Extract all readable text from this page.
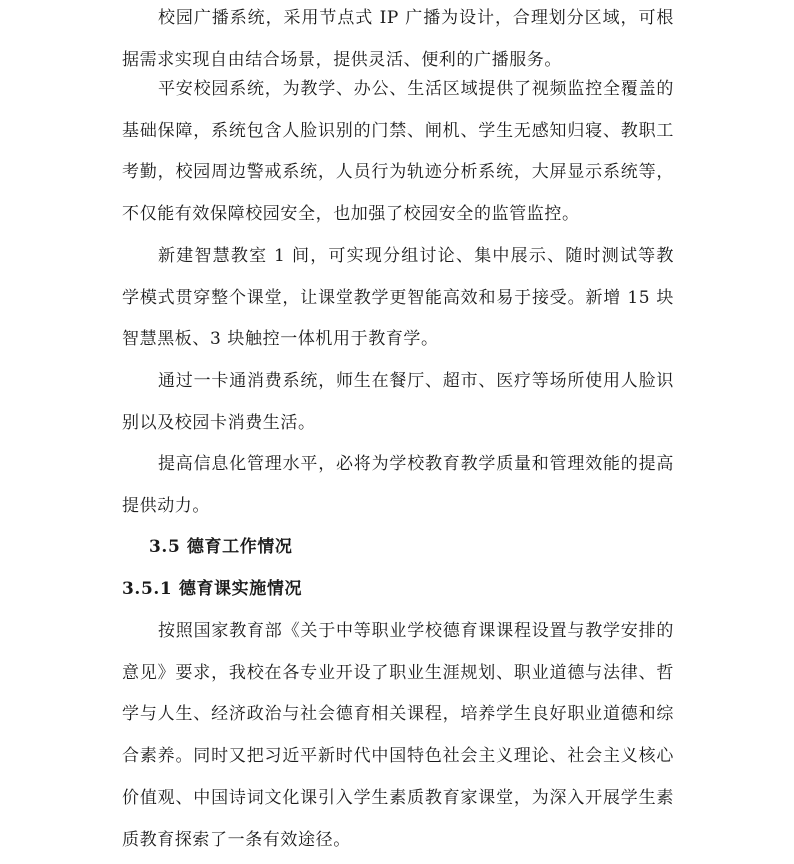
校园广播系统，采用节点式 IP 广播为设计，合理划分区域，可根据需求实现自由结合场景，提供灵活、便利的广播服务。

平安校园系统，为教学、办公、生活区域提供了视频监控全覆盖的基础保障，系统包含人脸识别的门禁、闸机、学生无感知归寝、教职工考勤，校园周边警戒系统，人员行为轨迹分析系统，大屏显示系统等，不仅能有效保障校园安全，也加强了校园安全的监管监控。

新建智慧教室 1 间，可实现分组讨论、集中展示、随时测试等教学模式贯穿整个课堂，让课堂教学更智能高效和易于接受。新增 15 块智慧黑板、3 块触控一体机用于教育学。

通过一卡通消费系统，师生在餐厅、超市、医疗等场所使用人脸识别以及校园卡消费生活。

提高信息化管理水平，必将为学校教育教学质量和管理效能的提高提供动力。

3.5 德育工作情况
3.5.1 德育课实施情况

按照国家教育部《关于中等职业学校德育课课程设置与教学安排的意见》要求，我校在各专业开设了职业生涯规划、职业道德与法律、哲学与人生、经济政治与社会德育相关课程，培养学生良好职业道德和综合素养。同时又把习近平新时代中国特色社会主义理论、社会主义核心价值观、中国诗词文化课引入学生素质教育家课堂，为深入开展学生素质教育探索了一条有效途径。
